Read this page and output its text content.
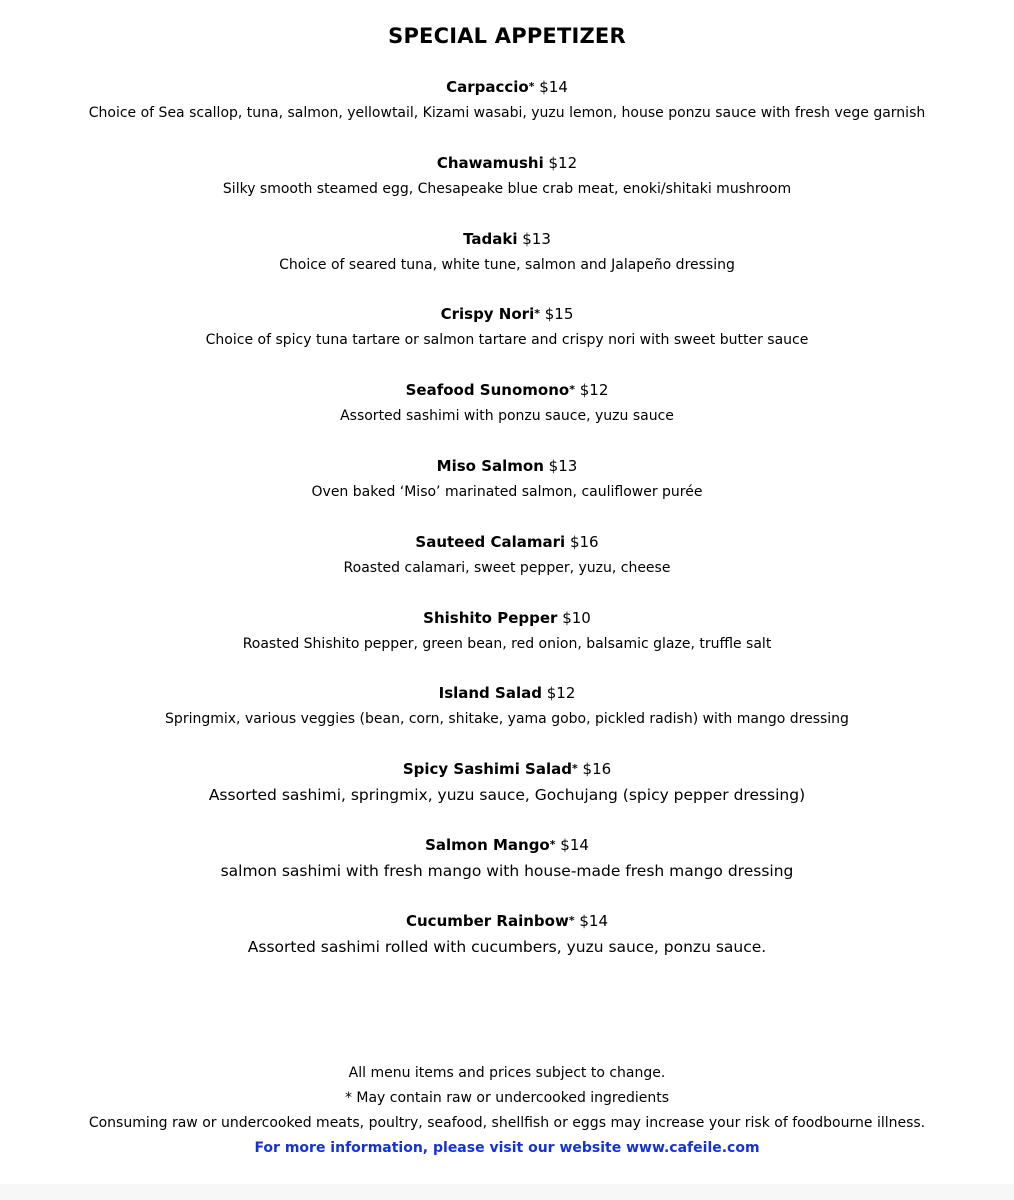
SPECIAL APPETIZER
Carpaccio* $14
Choice of Sea scallop, tuna, salmon, yellowtail, Kizami wasabi, yuzu lemon, house ponzu sauce with fresh vege garnish
Chawamushi $12
Silky smooth steamed egg, Chesapeake blue crab meat, enoki/shitaki mushroom
Tadaki $13
Choice of seared tuna, white tune, salmon and Jalapeño dressing
Crispy Nori* $15
Choice of spicy tuna tartare or salmon tartare and crispy nori with sweet butter sauce
Seafood Sunomono* $12
Assorted sashimi with ponzu sauce, yuzu sauce
Miso Salmon $13
Oven baked ‘Miso’ marinated salmon, cauliflower purée
Sauteed Calamari $16
Roasted calamari, sweet pepper, yuzu, cheese
Shishito Pepper $10
Roasted Shishito pepper, green bean, red onion, balsamic glaze, truffle salt
Island Salad $12
Springmix, various veggies (bean, corn, shitake, yama gobo, pickled radish) with mango dressing
Spicy Sashimi Salad* $16
Assorted sashimi, springmix, yuzu sauce, Gochujang (spicy pepper dressing)
Salmon Mango* $14
salmon sashimi with fresh mango with house-made fresh mango dressing
Cucumber Rainbow* $14
Assorted sashimi rolled with cucumbers, yuzu sauce, ponzu sauce.
All menu items and prices subject to change.
* May contain raw or undercooked ingredients
Consuming raw or undercooked meats, poultry, seafood, shellfish or eggs may increase your risk of foodbourne illness.
For more information, please visit our website www.cafeile.com
